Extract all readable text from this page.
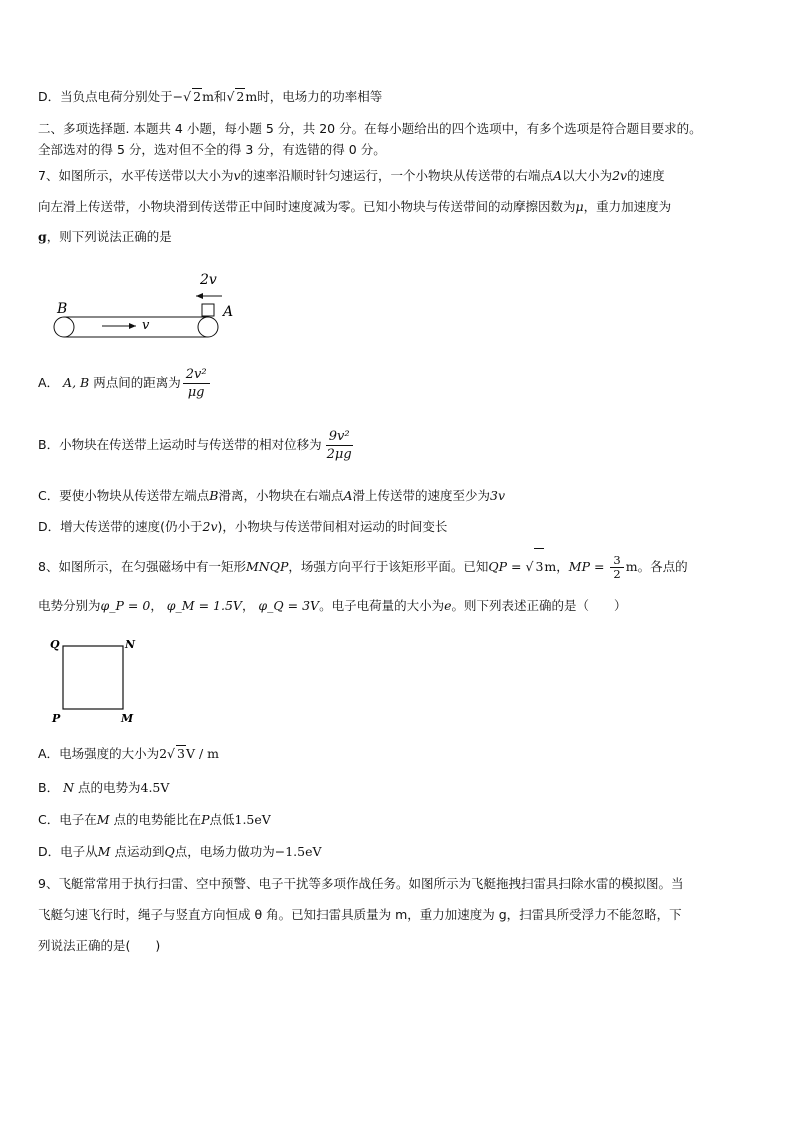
D．当负点电荷分别处于−√ 2m和√ 2m时，电场力的功率相等
二、多项选择题. 本题共 4 小题，每小题 5 分，共 20 分。在每小题给出的四个选项中，有多个选项是符合题目要求的。
全部选对的得 5 分，选对但不全的得 3 分，有选错的得 0 分。
7、如图所示，水平传送带以大小为v的速率沿顺时针匀速运行，一个小物块从传送带的右端点A以大小为2v的速度
向左滑上传送带，小物块滑到传送带正中间时速度减为零。已知小物块与传送带间的动摩擦因数为μ，重力加速度为
g，则下列说法正确的是
2v
B	A
v
A． A, B 两点间的距离为 $\frac{\text{2v²}}{\mu g}$
B．小物块在传送带上运动时与传送带的相对位移为 $\frac{\text{9v²}}{2\mu g}$
C．要使小物块从传送带左端点B滑离，小物块在右端点A滑上传送带的速度至少为3v
D．增大传送带的速度(仍小于2v)，小物块与传送带间相对运动的时间变长
8、如图所示，在匀强磁场中有一矩形MNQP，场强方向平行于该矩形平面。已知QP = √ 3m，MP = $\frac{3}{2}$ m。各点的
电势分别为φ_P = 0， φ_M = 1.5V， φ_Q = 3V。电子电荷量的大小为e。则下列表述正确的是（　　）
Q	N
P	M
A．电场强度的大小为2√ 3V / m
B． N 点的电势为4.5V
C．电子在M 点的电势能比在P点低1.5eV
D．电子从M 点运动到Q点，电场力做功为−1.5eV
9、飞艇常常用于执行扫雷、空中预警、电子干扰等多项作战任务。如图所示为飞艇拖拽扫雷具扫除水雷的模拟图。当
飞艇匀速飞行时，绳子与竖直方向恒成 θ 角。已知扫雷具质量为 m，重力加速度为 g，扫雷具所受浮力不能忽略，下
列说法正确的是(　　)
